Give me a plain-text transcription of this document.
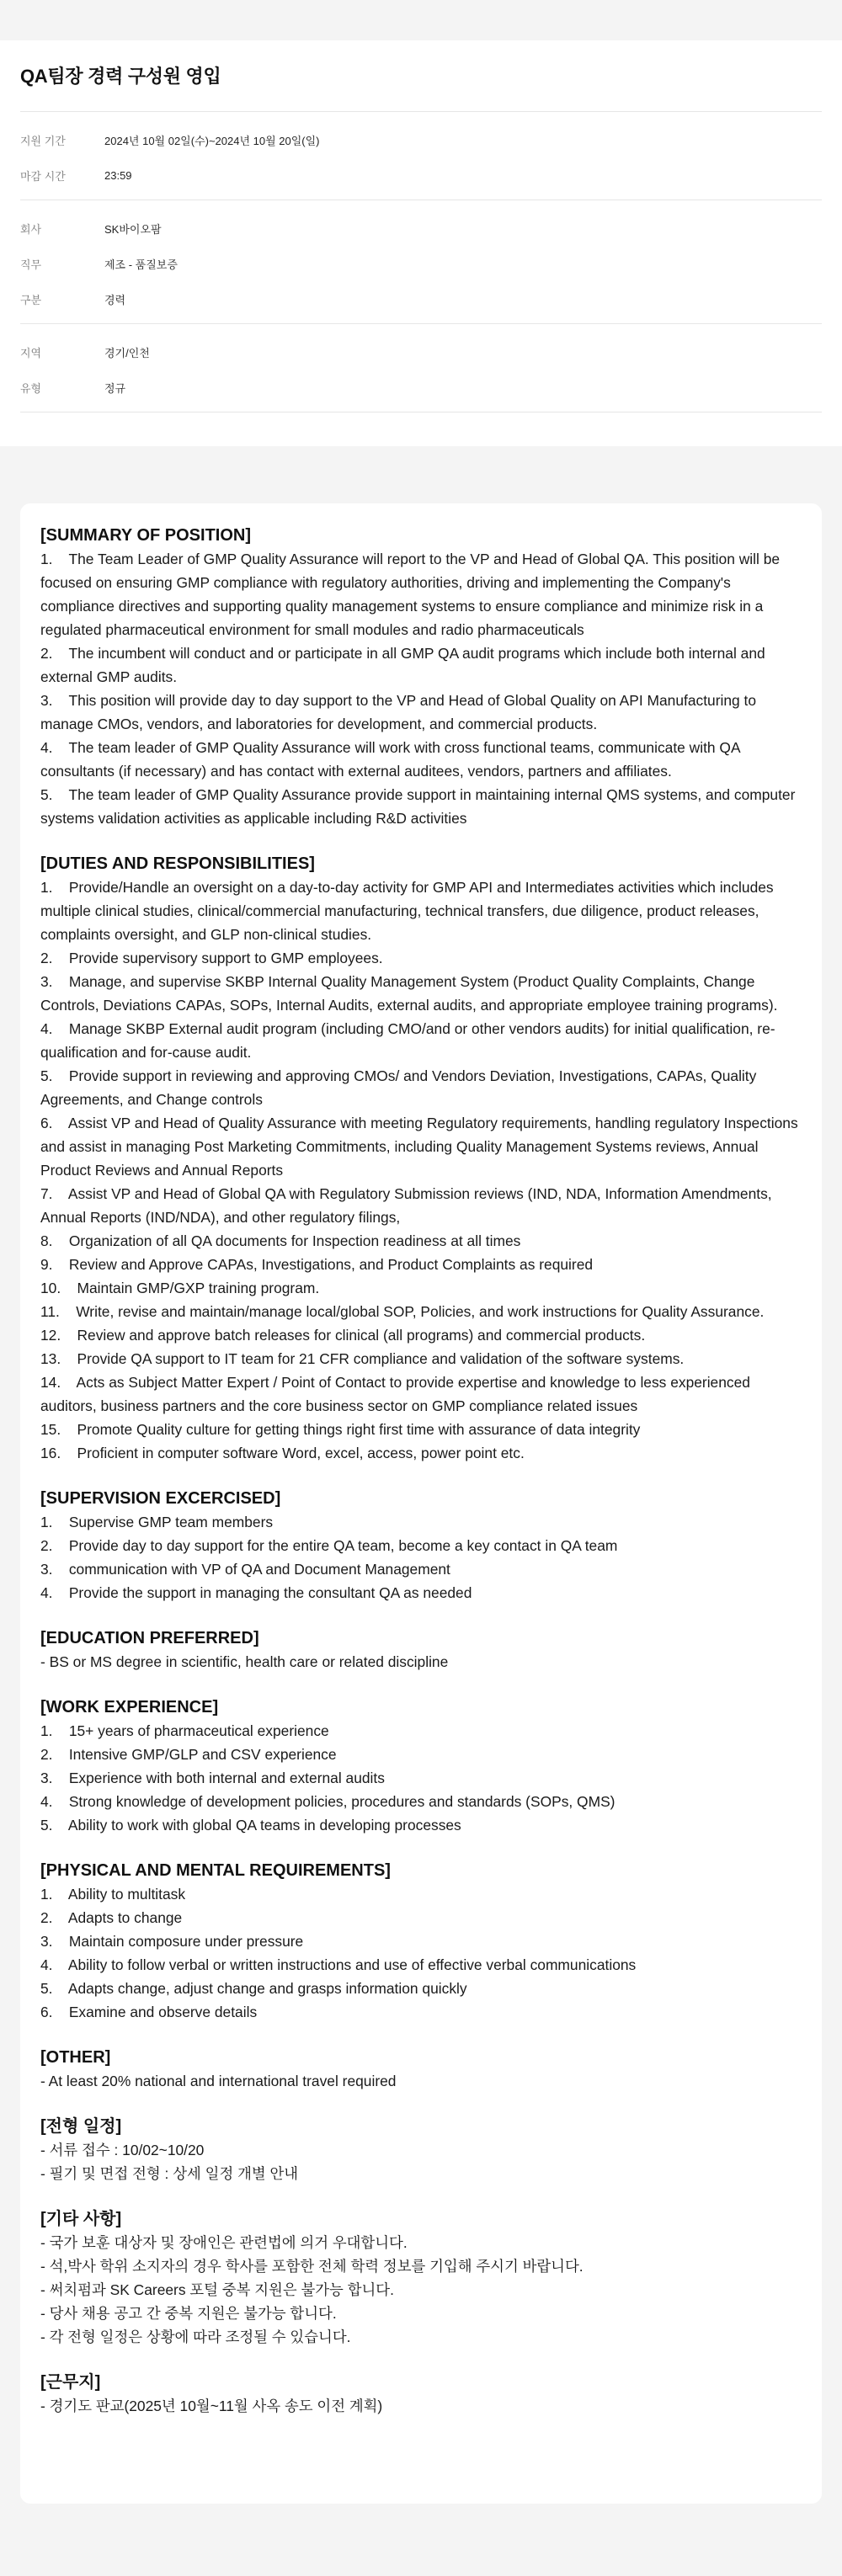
QA팀장 경력 구성원 영입
지원 기간	2024년 10월 02일(수)~2024년 10월 20일(일)
마감 시간	23:59
회사	SK바이오팜
직무	제조 - 품질보증
구분	경력
지역	경기/인천
유형	정규
[SUMMARY OF POSITION]

1.    The Team Leader of GMP Quality Assurance will report to the VP and Head of Global QA. This position will be focused on ensuring GMP compliance with regulatory authorities, driving and implementing the Company's compliance directives and supporting quality management systems to ensure compliance and minimize risk in a regulated pharmaceutical environment for small modules and radio pharmaceuticals

2.    The incumbent will conduct and or participate in all GMP QA audit programs which include both internal and external GMP audits.

3.    This position will provide day to day support to the VP and Head of Global Quality on API Manufacturing to manage CMOs, vendors, and laboratories for development, and commercial products.

4.    The team leader of GMP Quality Assurance will work with cross functional teams, communicate with QA consultants (if necessary) and has contact with external auditees, vendors, partners and affiliates.

5.    The team leader of GMP Quality Assurance provide support in maintaining internal QMS systems, and computer systems validation activities as applicable including R&D activities

[DUTIES AND RESPONSIBILITIES]

1.    Provide/Handle an oversight on a day-to-day activity for GMP API and Intermediates activities which includes multiple clinical studies, clinical/commercial manufacturing, technical transfers, due diligence, product releases, complaints oversight, and GLP non-clinical studies.

2.    Provide supervisory support to GMP employees.

3.    Manage, and supervise SKBP Internal Quality Management System (Product Quality Complaints, Change Controls, Deviations CAPAs, SOPs, Internal Audits, external audits, and appropriate employee training programs).

4.    Manage SKBP External audit program (including CMO/and or other vendors audits) for initial qualification, re-qualification and for-cause audit.

5.    Provide support in reviewing and approving CMOs/ and Vendors Deviation, Investigations, CAPAs, Quality Agreements, and Change controls

6.    Assist VP and Head of Quality Assurance with meeting Regulatory requirements, handling regulatory Inspections and assist in managing Post Marketing Commitments, including Quality Management Systems reviews, Annual Product Reviews and Annual Reports

7.    Assist VP and Head of Global QA with Regulatory Submission reviews (IND, NDA, Information Amendments, Annual Reports (IND/NDA), and other regulatory filings,

8.    Organization of all QA documents for Inspection readiness at all times

9.    Review and Approve CAPAs, Investigations, and Product Complaints as required

10.    Maintain GMP/GXP training program.

11.    Write, revise and maintain/manage local/global SOP, Policies, and work instructions for Quality Assurance.

12.    Review and approve batch releases for clinical (all programs) and commercial products.

13.    Provide QA support to IT team for 21 CFR compliance and validation of the software systems.

14.    Acts as Subject Matter Expert / Point of Contact to provide expertise and knowledge to less experienced auditors, business partners and the core business sector on GMP compliance related issues

15.    Promote Quality culture for getting things right first time with assurance of data integrity

16.    Proficient in computer software Word, excel, access, power point etc.

[SUPERVISION EXCERCISED]

1.    Supervise GMP team members

2.    Provide day to day support for the entire QA team, become a key contact in QA team

3.    communication with VP of QA and Document Management

4.    Provide the support in managing the consultant QA as needed

[EDUCATION PREFERRED]

- BS or MS degree in scientific, health care or related discipline

[WORK EXPERIENCE]

1.    15+ years of pharmaceutical experience

2.    Intensive GMP/GLP and CSV experience

3.    Experience with both internal and external audits

4.    Strong knowledge of development policies, procedures and standards (SOPs, QMS)

5.    Ability to work with global QA teams in developing processes

[PHYSICAL AND MENTAL REQUIREMENTS]

1.    Ability to multitask

2.    Adapts to change

3.    Maintain composure under pressure

4.    Ability to follow verbal or written instructions and use of effective verbal communications

5.    Adapts change, adjust change and grasps information quickly

6.    Examine and observe details

[OTHER]

- At least 20% national and international travel required

[전형 일정]

- 서류 접수 : 10/02~10/20

- 필기 및 면접 전형 : 상세 일정 개별 안내

[기타 사항]

- 국가 보훈 대상자 및 장애인은 관련법에 의거 우대합니다.

- 석,박사 학위 소지자의 경우 학사를 포함한 전체 학력 정보를 기입해 주시기 바랍니다.

- 써치펌과 SK Careers 포털 중복 지원은 불가능 합니다.

- 당사 채용 공고 간 중복 지원은 불가능 합니다.

- 각 전형 일정은 상황에 따라 조정될 수 있습니다.

[근무지]

- 경기도 판교(2025년 10월~11월 사옥 송도 이전 계획)
